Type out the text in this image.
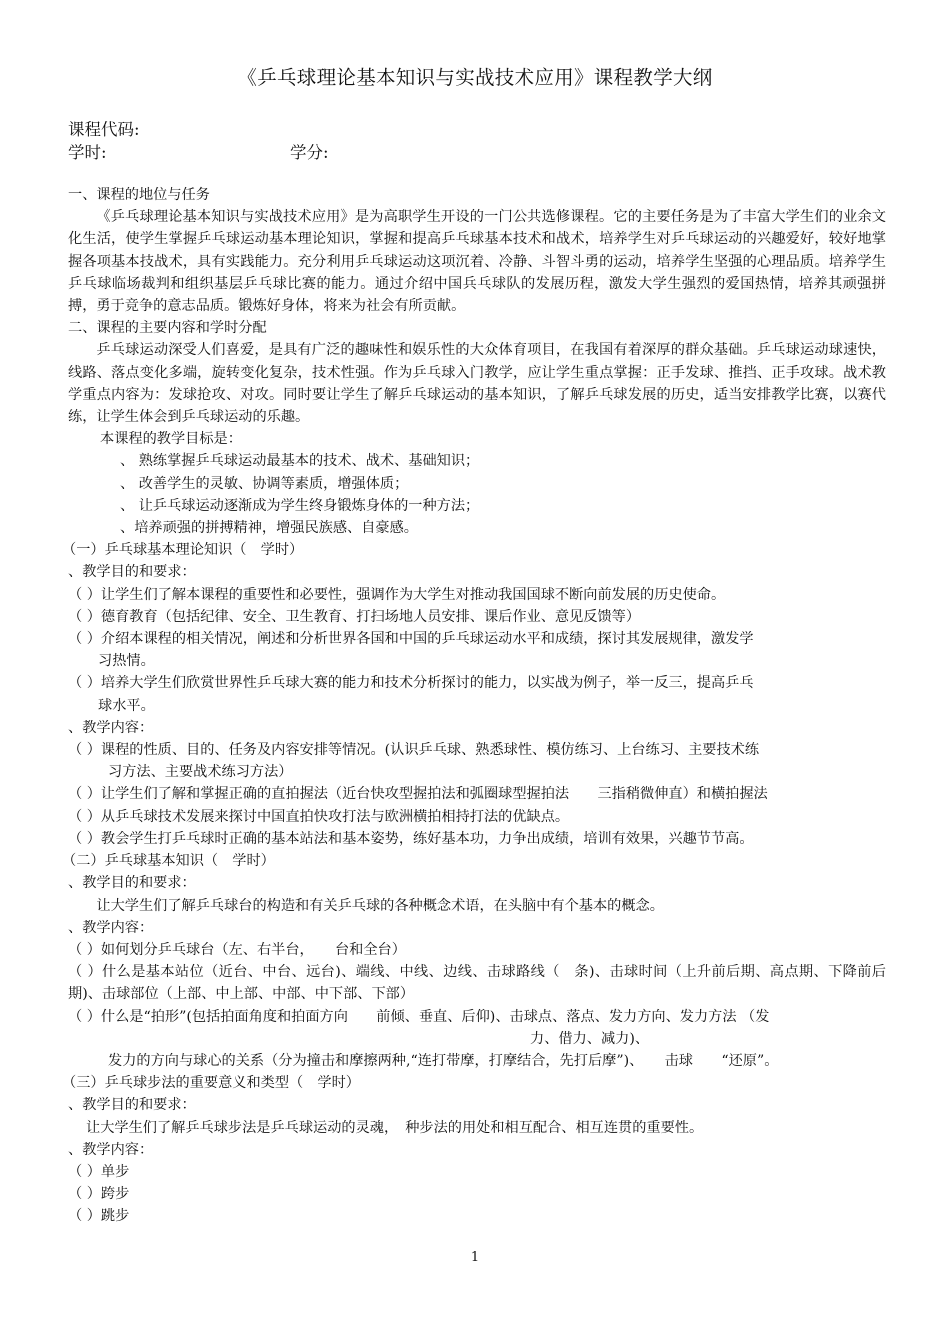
《乒乓球理论基本知识与实战技术应用》课程教学大纲
课程代码:
学时:	学分:

一、课程的地位与任务

《乒乓球理论基本知识与实战技术应用》是为高职学生开设的一门公共选修课程。它的主要任务是为了丰富大学生们的业余文化生活，使学生掌握乒乓球运动基本理论知识，掌握和提高乒乓球基本技术和战术，培养学生对乒乓球运动的兴趣爱好，较好地掌握各项基本技战术，具有实践能力。充分利用乒乓球运动这项沉着、冷静、斗智斗勇的运动，培养学生坚强的心理品质。培养学生乒乓球临场裁判和组织基层乒乓球比赛的能力。通过介绍中国兵乓球队的发展历程，激发大学生强烈的爱国热情，培养其顽强拼搏，勇于竞争的意志品质。锻炼好身体，将来为社会有所贡献。

二、课程的主要内容和学时分配

乒乓球运动深受人们喜爱，是具有广泛的趣味性和娱乐性的大众体育项目，在我国有着深厚的群众基础。乒乓球运动球速快，线路、落点变化多端，旋转变化复杂，技术性强。作为乒乓球入门教学，应让学生重点掌握：正手发球、推挡、正手攻球。战术教学重点内容为：发球抢攻、对攻。同时要让学生了解乒乓球运动的基本知识，了解乒乓球发展的历史，适当安排教学比赛，以赛代练，让学生体会到乒乓球运动的乐趣。

本课程的教学目标是：

、 熟练掌握乒乓球运动最基本的技术、战术、基础知识；

、 改善学生的灵敏、协调等素质，增强体质；

、 让乒乓球运动逐渐成为学生终身锻炼身体的一种方法；

、培养顽强的拼搏精神，增强民族感、自豪感。

（一）乒乓球基本理论知识（　学时）

、教学目的和要求：

（ ）让学生们了解本课程的重要性和必要性，强调作为大学生对推动我国国球不断向前发展的历史使命。

（ ）德育教育（包括纪律、安全、卫生教育、打扫场地人员安排、课后作业、意见反馈等）

（ ）介绍本课程的相关情况，阐述和分析世界各国和中国的乒乓球运动水平和成绩，探讨其发展规律，激发学

习热情。

（ ）培养大学生们欣赏世界性乒乓球大赛的能力和技术分析探讨的能力，以实战为例子，举一反三，提高乒乓

球水平。

、教学内容：

（ ）课程的性质、目的、任务及内容安排等情况。(认识乒乓球、熟悉球性、模仿练习、上台练习、主要技术练

习方法、主要战术练习方法）

（ ）让学生们了解和掌握正确的直拍握法（近台快攻型握拍法和弧圈球型握拍法　　三指稍微伸直）和横拍握法

（ ）从乒乓球技术发展来探讨中国直拍快攻打法与欧洲横拍相持打法的优缺点。

（ ）教会学生打乒乓球时正确的基本站法和基本姿势，练好基本功，力争出成绩，培训有效果，兴趣节节高。

（二）乒乓球基本知识（　学时）

、教学目的和要求：

让大学生们了解乒乓球台的构造和有关乒乓球的各种概念术语，在头脑中有个基本的概念。

、教学内容：

（ ）如何划分乒乓球台（左、右半台，　　台和全台）

（ ）什么是基本站位（近台、中台、远台)、端线、中线、边线、击球路线（　条)、击球时间（上升前后期、高点期、下降前后期)、击球部位（上部、中上部、中部、中下部、下部）

（ ）什么是“拍形”(包括拍面角度和拍面方向　　前倾、垂直、后仰)、击球点、落点、发力方向、发力方法 （发

力、借力、减力)、

发力的方向与球心的关系（分为撞击和摩擦两种,“连打带摩，打摩结合，先打后摩”)、　　击球　　“还原”。

（三）乒乓球步法的重要意义和类型（　学时）

、教学目的和要求：

让大学生们了解乒乓球步法是乒乓球运动的灵魂，　种步法的用处和相互配合、相互连贯的重要性。

、教学内容：

（ ）单步

（ ）跨步

（ ）跳步

1
